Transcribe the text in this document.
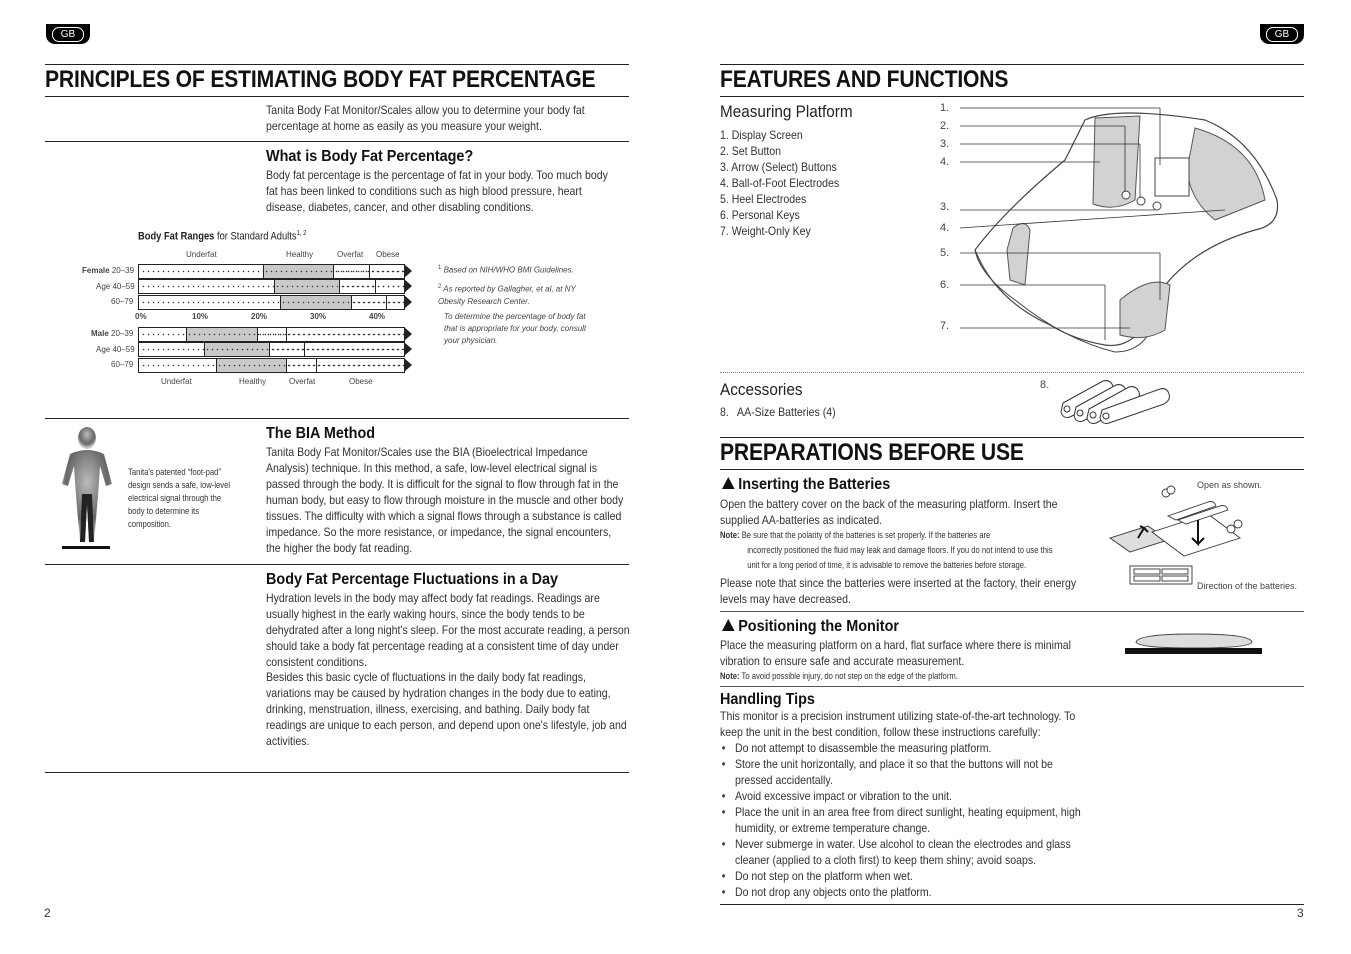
GB
PRINCIPLES OF ESTIMATING BODY FAT PERCENTAGE
Tanita Body Fat Monitor/Scales allow you to determine your body fat percentage at home as easily as you measure your weight.
What is Body Fat Percentage?
Body fat percentage is the percentage of fat in your body. Too much body fat has been linked to conditions such as high blood pressure, heart disease, diabetes, cancer, and other disabling conditions.
Body Fat Ranges for Standard Adults$^{1, 2}$
Underfat	Healthy	Overfat Obese
Female 20–39
Age 40–59
60–79
Male 20–39
Age 40–59
60–79
0%	10%	20%	30%	40%
Underfat	Healthy	Overfat	Obese
$^1$ Based on NIH/WHO BMI Guidelines.
$^2$ As reported by Gallagher, et al, at NY Obesity Research Center.
To determine the percentage of body fat that is appropriate for your body, consult your physician.
Tanita's patented “foot-pad” design sends a safe, low-level electrical signal through the body to determine its composition.
The BIA Method
Tanita Body Fat Monitor/Scales use the BIA (Bioelectrical Impedance Analysis) technique. In this method, a safe, low-level electrical signal is passed through the body. It is difficult for the signal to flow through fat in the human body, but easy to flow through moisture in the muscle and other body tissues. The difficulty with which a signal flows through a substance is called impedance. So the more resistance, or impedance, the signal encounters, the higher the body fat reading.
Body Fat Percentage Fluctuations in a Day
Hydration levels in the body may affect body fat readings. Readings are usually highest in the early waking hours, since the body tends to be dehydrated after a long night's sleep. For the most accurate reading, a person should take a body fat percentage reading at a consistent time of day under consistent conditions.
Besides this basic cycle of fluctuations in the daily body fat readings, variations may be caused by hydration changes in the body due to eating, drinking, menstruation, illness, exercising, and bathing. Daily body fat readings are unique to each person, and depend upon one's lifestyle, job and activities.
2
GB
FEATURES AND FUNCTIONS
Measuring Platform
1. Display Screen
2. Set Button
3. Arrow (Select) Buttons
4. Ball-of-Foot Electrodes
5. Heel Electrodes
6. Personal Keys
7. Weight-Only Key
1.
2.
3.
4.
3.
4.
5.
6.
7.
Accessories
8.   AA-Size Batteries (4)
8.
PREPARATIONS BEFORE USE
Inserting the Batteries
Open the battery cover on the back of the measuring platform. Insert the supplied AA-batteries as indicated.
Note: Be sure that the polarity of the batteries is set properly. If the batteries are
incorrectly positioned the fluid may leak and damage floors. If you do not intend to use this
unit for a long period of time, it is advisable to remove the batteries before storage.
Please note that since the batteries were inserted at the factory, their energy levels may have decreased.
Open as shown.
Direction of the batteries.
Positioning the Monitor
Place the measuring platform on a hard, flat surface where there is minimal vibration to ensure safe and accurate measurement.
Note: To avoid possible injury, do not step on the edge of the platform.
Handling Tips
This monitor is a precision instrument utilizing state-of-the-art technology. To keep the unit in the best condition, follow these instructions carefully:
• Do not attempt to disassemble the measuring platform.
• Store the unit horizontally, and place it so that the buttons will not be pressed accidentally.
• Avoid excessive impact or vibration to the unit.
• Place the unit in an area free from direct sunlight, heating equipment, high humidity, or extreme temperature change.
• Never submerge in water. Use alcohol to clean the electrodes and glass cleaner (applied to a cloth first) to keep them shiny; avoid soaps.
• Do not step on the platform when wet.
• Do not drop any objects onto the platform.
3
